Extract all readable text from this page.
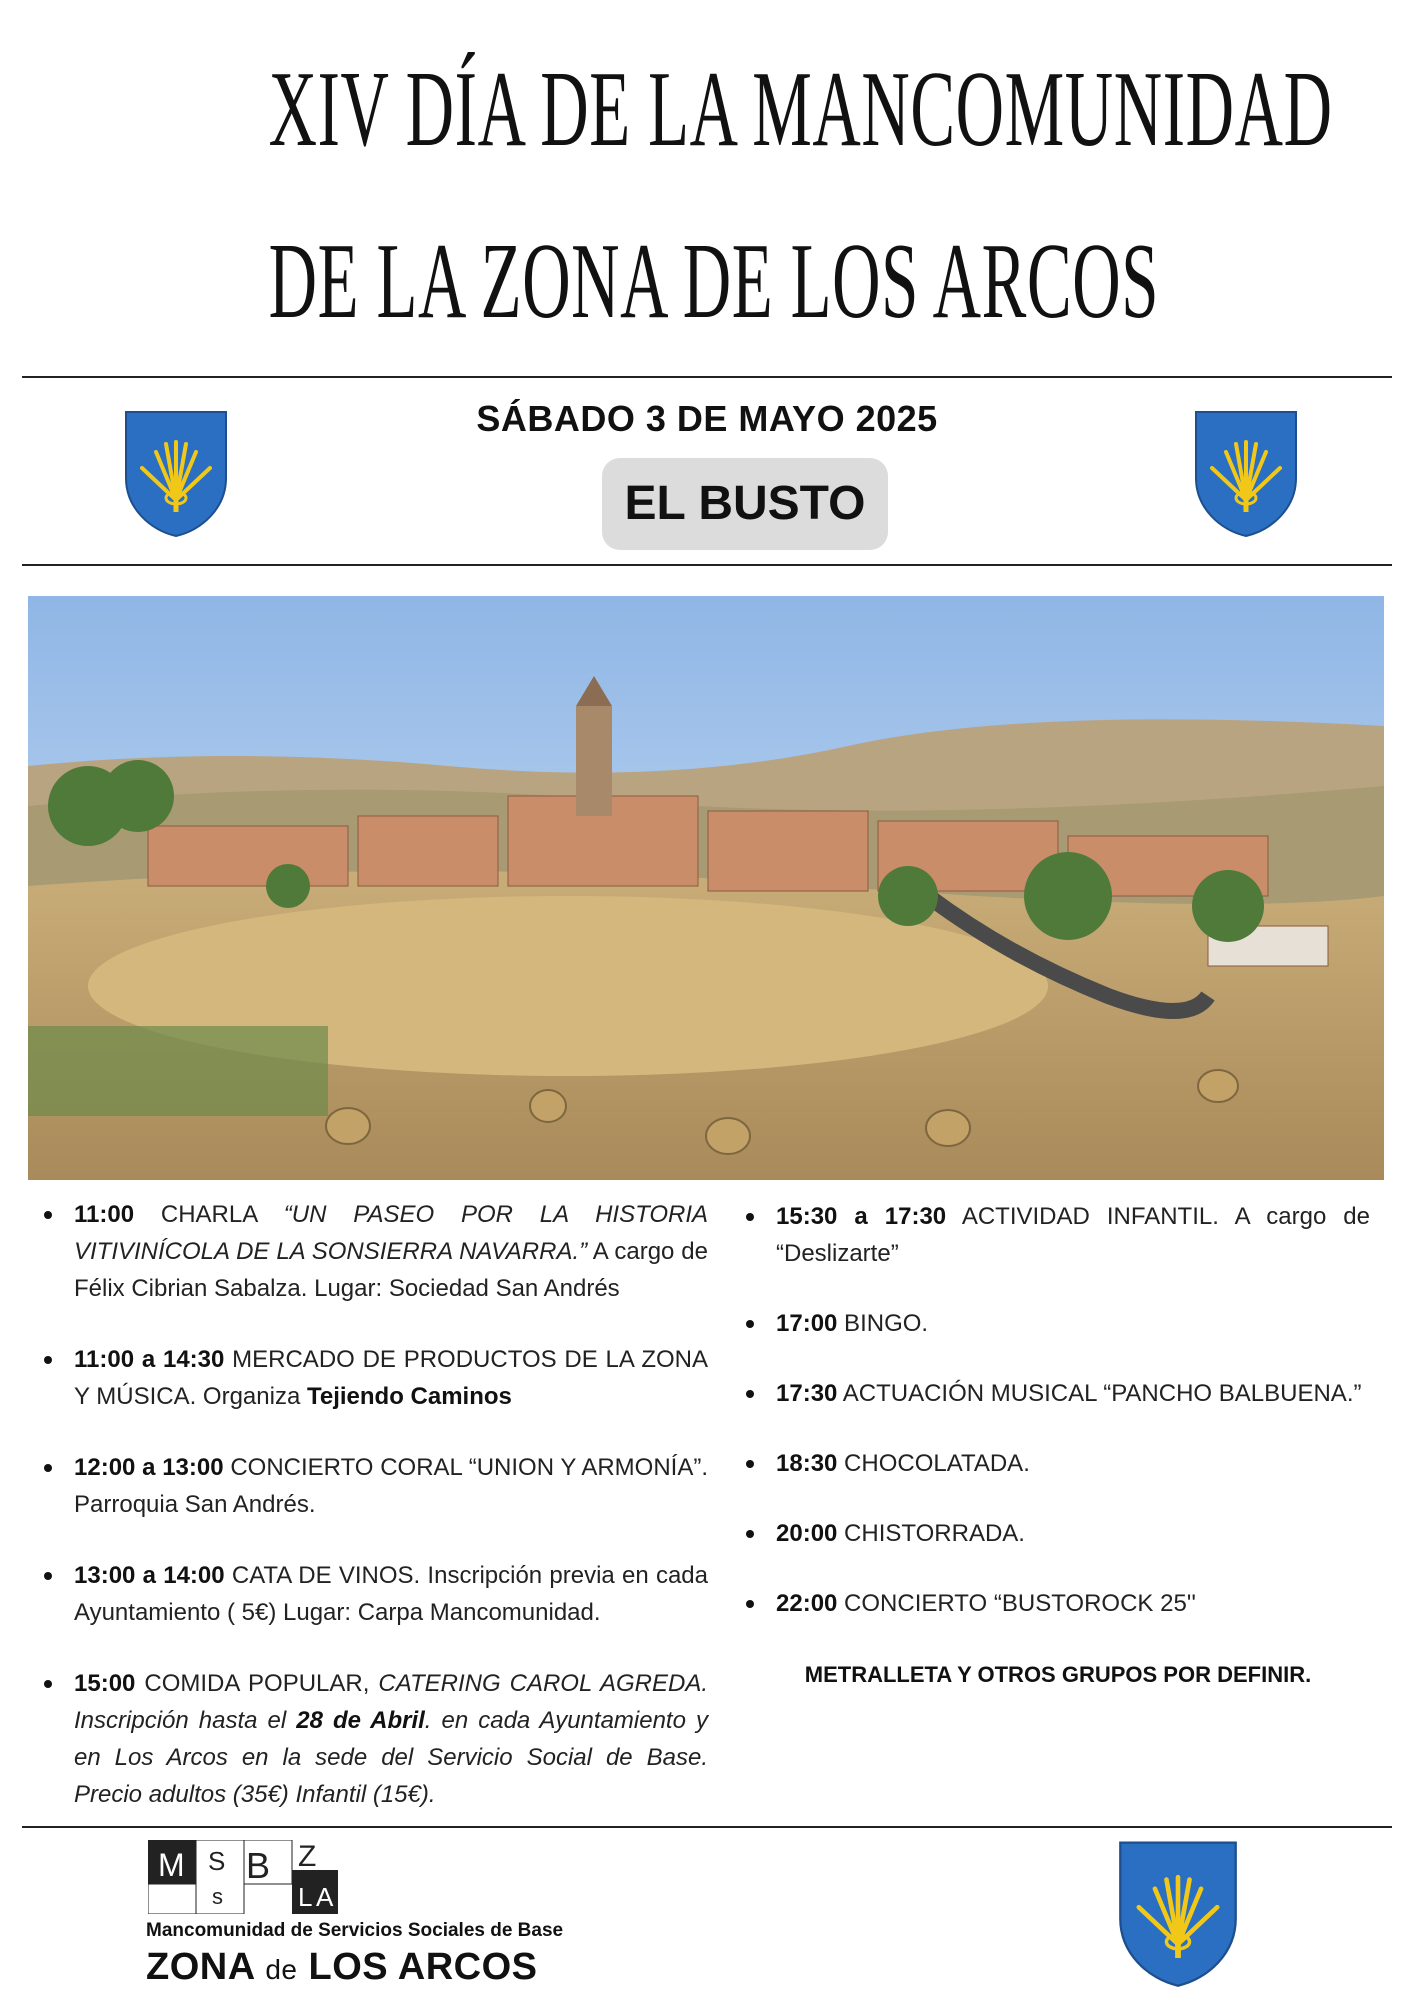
XIV DÍA DE LA MANCOMUNIDAD
DE LA ZONA DE LOS ARCOS
SÁBADO 3 DE MAYO 2025
EL BUSTO
11:00 CHARLA “UN PASEO POR LA HISTORIA VITIVINÍCOLA DE LA SONSIERRA NAVARRA.” A cargo de Félix Cibrian Sabalza. Lugar: Sociedad San Andrés
11:00 a 14:30 MERCADO DE PRODUCTOS DE LA ZONA Y MÚSICA. Organiza Tejiendo Caminos
12:00 a 13:00 CONCIERTO CORAL “UNION Y ARMONÍA”. Parroquia San Andrés.
13:00 a 14:00 CATA DE VINOS. Inscripción previa en cada Ayuntamiento ( 5€) Lugar: Carpa Mancomunidad.
15:00 COMIDA POPULAR, CATERING CAROL AGREDA. Inscripción hasta el 28 de Abril. en cada Ayuntamiento y en Los Arcos en la sede del Servicio Social de Base. Precio adultos (35€) Infantil (15€).
15:30 a 17:30 ACTIVIDAD INFANTIL. A cargo de “Deslizarte”
17:00 BINGO.
17:30 ACTUACIÓN MUSICAL “PANCHO BALBUENA.”
18:30 CHOCOLATADA.
20:00 CHISTORRADA.
22:00 CONCIERTO “BUSTOROCK 25''
METRALLETA Y OTROS GRUPOS POR DEFINIR.
M S B Z
s	L A
Mancomunidad de Servicios Sociales de Base
ZONA de LOS ARCOS
